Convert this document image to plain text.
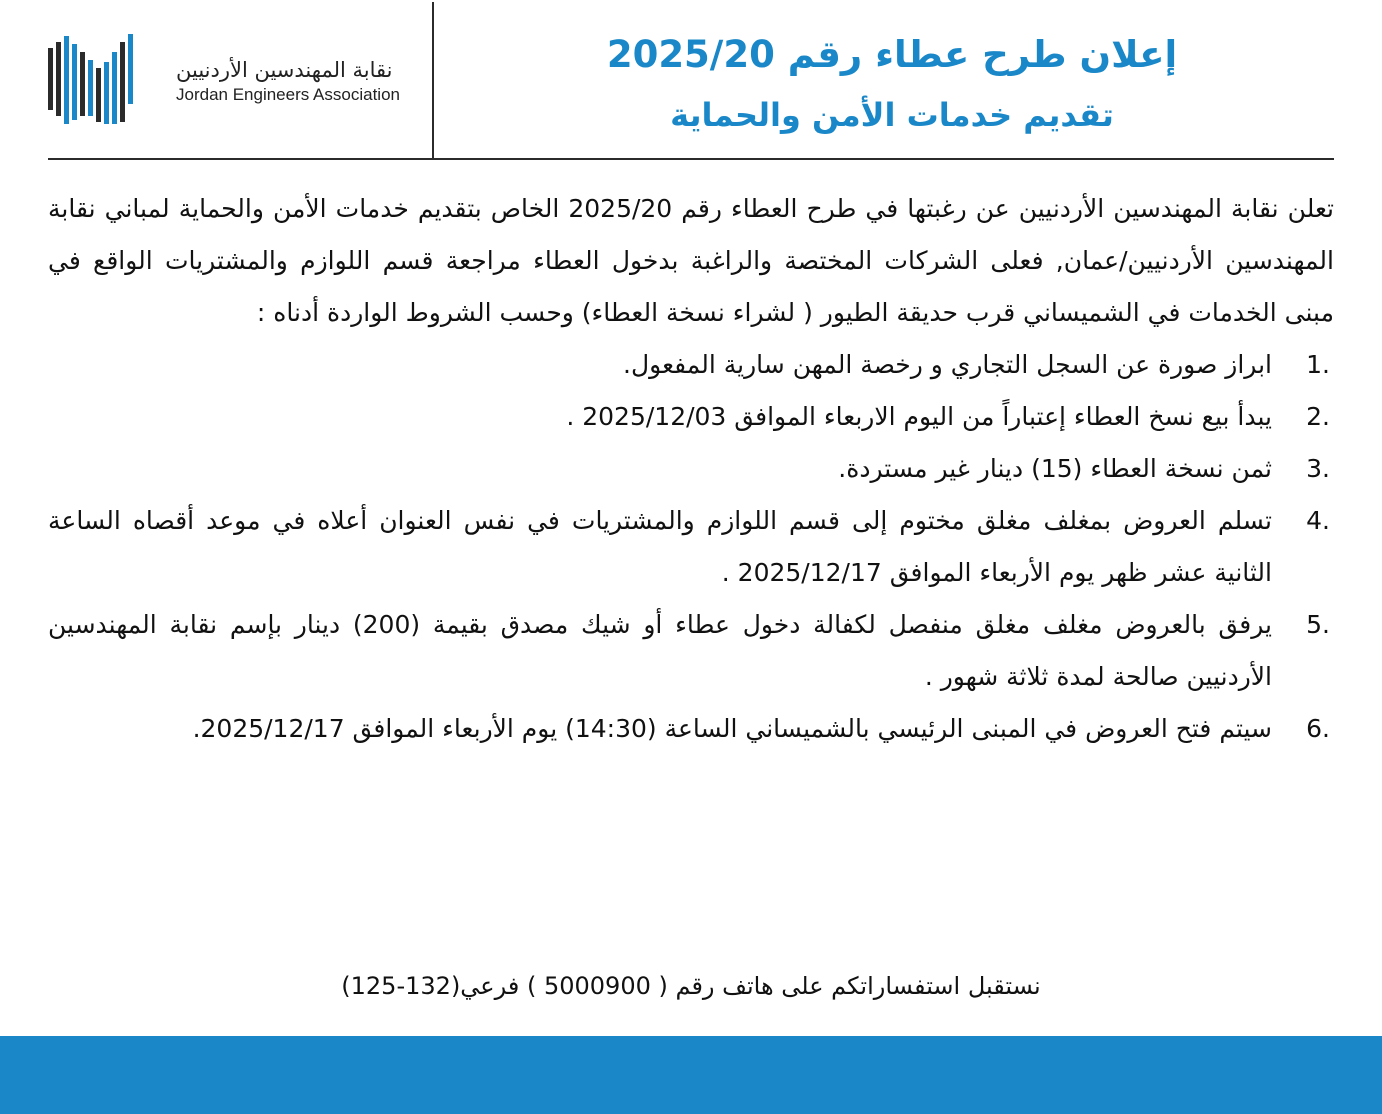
نقابة المهندسين الأردنيين
Jordan Engineers Association
إعلان طرح عطاء رقم 2025/20
تقديم خدمات الأمن والحماية

تعلن نقابة المهندسين الأردنيين عن رغبتها في طرح العطاء رقم 2025/20 الخاص بتقديم خدمات الأمن والحماية لمباني نقابة المهندسين الأردنيين/عمان, فعلى الشركات المختصة والراغبة بدخول العطاء مراجعة قسم اللوازم والمشتريات الواقع في مبنى الخدمات في الشميساني قرب حديقة الطيور ( لشراء نسخة العطاء) وحسب الشروط الواردة أدناه :

1.
ابراز صورة عن السجل التجاري و رخصة المهن سارية المفعول.
2.
يبدأ بيع نسخ العطاء إعتباراً من اليوم الاربعاء الموافق 2025/12/03 .
3.
ثمن نسخة العطاء (15) دينار غير مستردة.
4.
تسلم العروض بمغلف مغلق مختوم إلى قسم اللوازم والمشتريات في نفس العنوان أعلاه في موعد أقصاه الساعة الثانية عشر ظهر يوم الأربعاء الموافق 2025/12/17 .
5.
يرفق بالعروض مغلف مغلق منفصل لكفالة دخول عطاء أو شيك مصدق بقيمة (200) دينار بإسم نقابة المهندسين الأردنيين صالحة لمدة ثلاثة شهور .
6.
سيتم فتح العروض في المبنى الرئيسي بالشميساني الساعة (14:30) يوم الأربعاء الموافق 2025/12/17.
نستقبل استفساراتكم على هاتف رقم ( 5000900 ) فرعي(132-125)
